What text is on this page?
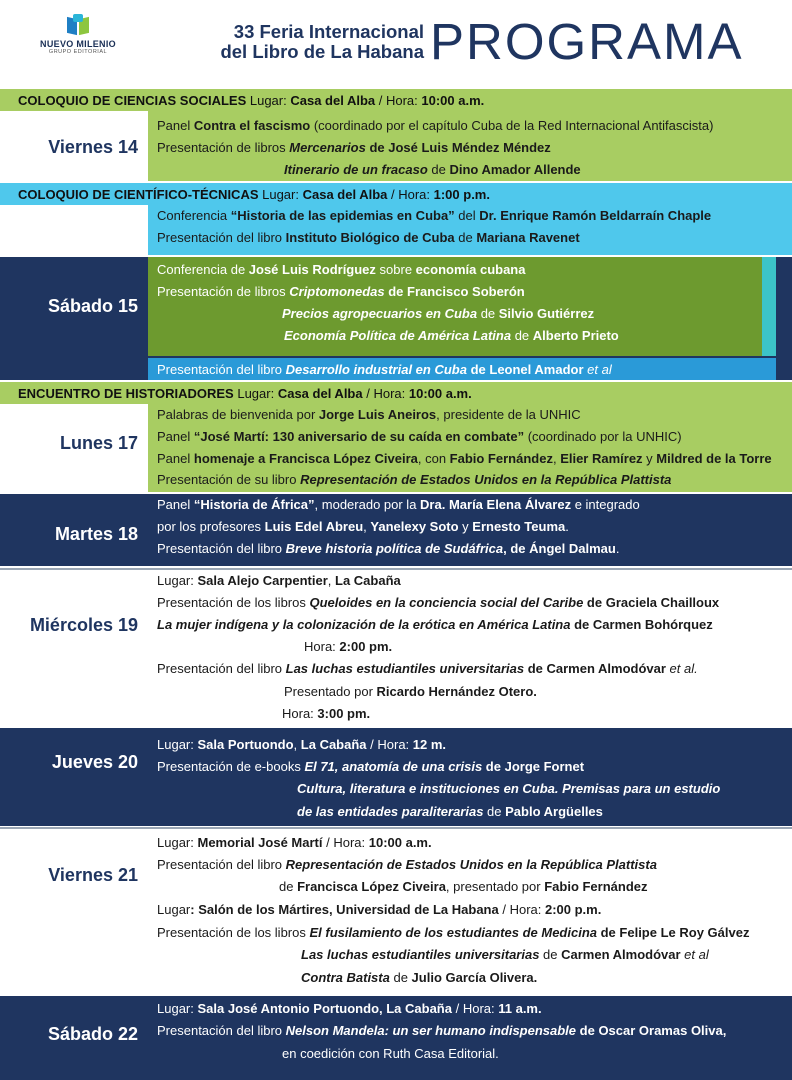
NUEVO MILENIO
GRUPO EDITORIAL
33 Feria Internacional
del Libro de La Habana PROGRAMA
COLOQUIO DE CIENCIAS SOCIALES Lugar: Casa del Alba / Hora: 10:00 a.m.
Viernes 14
COLOQUIO DE CIENTÍFICO-TÉCNICAS Lugar: Casa del Alba / Hora: 1:00 p.m.
Sábado 15
ENCUENTRO DE HISTORIADORES Lugar: Casa del Alba / Hora: 10:00 a.m.
Lunes 17
Martes 18
Miércoles 19
Jueves 20
Viernes 21
Sábado 22
Panel Contra el fascismo (coordinado por el capítulo Cuba de la Red Internacional Antifascista)
Presentación de libros Mercenarios de José Luis Méndez Méndez
Itinerario de un fracaso de Dino Amador Allende
Conferencia “Historia de las epidemias en Cuba” del Dr. Enrique Ramón Beldarraín Chaple
Presentación del libro Instituto Biológico de Cuba de Mariana Ravenet
Conferencia de José Luis Rodríguez sobre economía cubana
Presentación de libros Criptomonedas de Francisco Soberón
Precios agropecuarios en Cuba de Silvio Gutiérrez
Economía Política de América Latina de Alberto Prieto
Presentación del libro Desarrollo industrial en Cuba de Leonel Amador et al
Palabras de bienvenida por Jorge Luis Aneiros, presidente de la UNHIC
Panel “José Martí: 130 aniversario de su caída en combate” (coordinado por la UNHIC)
Panel homenaje a Francisca López Civeira, con Fabio Fernández, Elier Ramírez y Mildred de la Torre
Presentación de su libro Representación de Estados Unidos en la República Plattista
Panel “Historia de África”, moderado por la Dra. María Elena Álvarez e integrado
por los profesores Luis Edel Abreu, Yanelexy Soto y Ernesto Teuma.
Presentación del libro Breve historia política de Sudáfrica, de Ángel Dalmau.
Lugar: Sala Alejo Carpentier, La Cabaña
Presentación de los libros Queloides en la conciencia social del Caribe de Graciela Chailloux
La mujer indígena y la colonización de la erótica en América Latina de Carmen Bohórquez
Hora: 2:00 pm.
Presentación del libro Las luchas estudiantiles universitarias de Carmen Almodóvar et al.
Presentado por Ricardo Hernández Otero.
Hora: 3:00 pm.
Lugar: Sala Portuondo, La Cabaña / Hora: 12 m.
Presentación de e-books El 71, anatomía de una crisis de Jorge Fornet
Cultura, literatura e instituciones en Cuba. Premisas para un estudio
de las entidades paraliterarias de Pablo Argüelles
Lugar: Memorial José Martí / Hora: 10:00 a.m.
Presentación del libro Representación de Estados Unidos en la República Plattista
de Francisca López Civeira, presentado por Fabio Fernández
Lugar: Salón de los Mártires, Universidad de La Habana / Hora: 2:00 p.m.
Presentación de los libros El fusilamiento de los estudiantes de Medicina de Felipe Le Roy Gálvez
Las luchas estudiantiles universitarias de Carmen Almodóvar et al
Contra Batista de Julio García Olivera.
Lugar: Sala José Antonio Portuondo, La Cabaña / Hora: 11 a.m.
Presentación del libro Nelson Mandela: un ser humano indispensable de Oscar Oramas Oliva,
en coedición con Ruth Casa Editorial.
